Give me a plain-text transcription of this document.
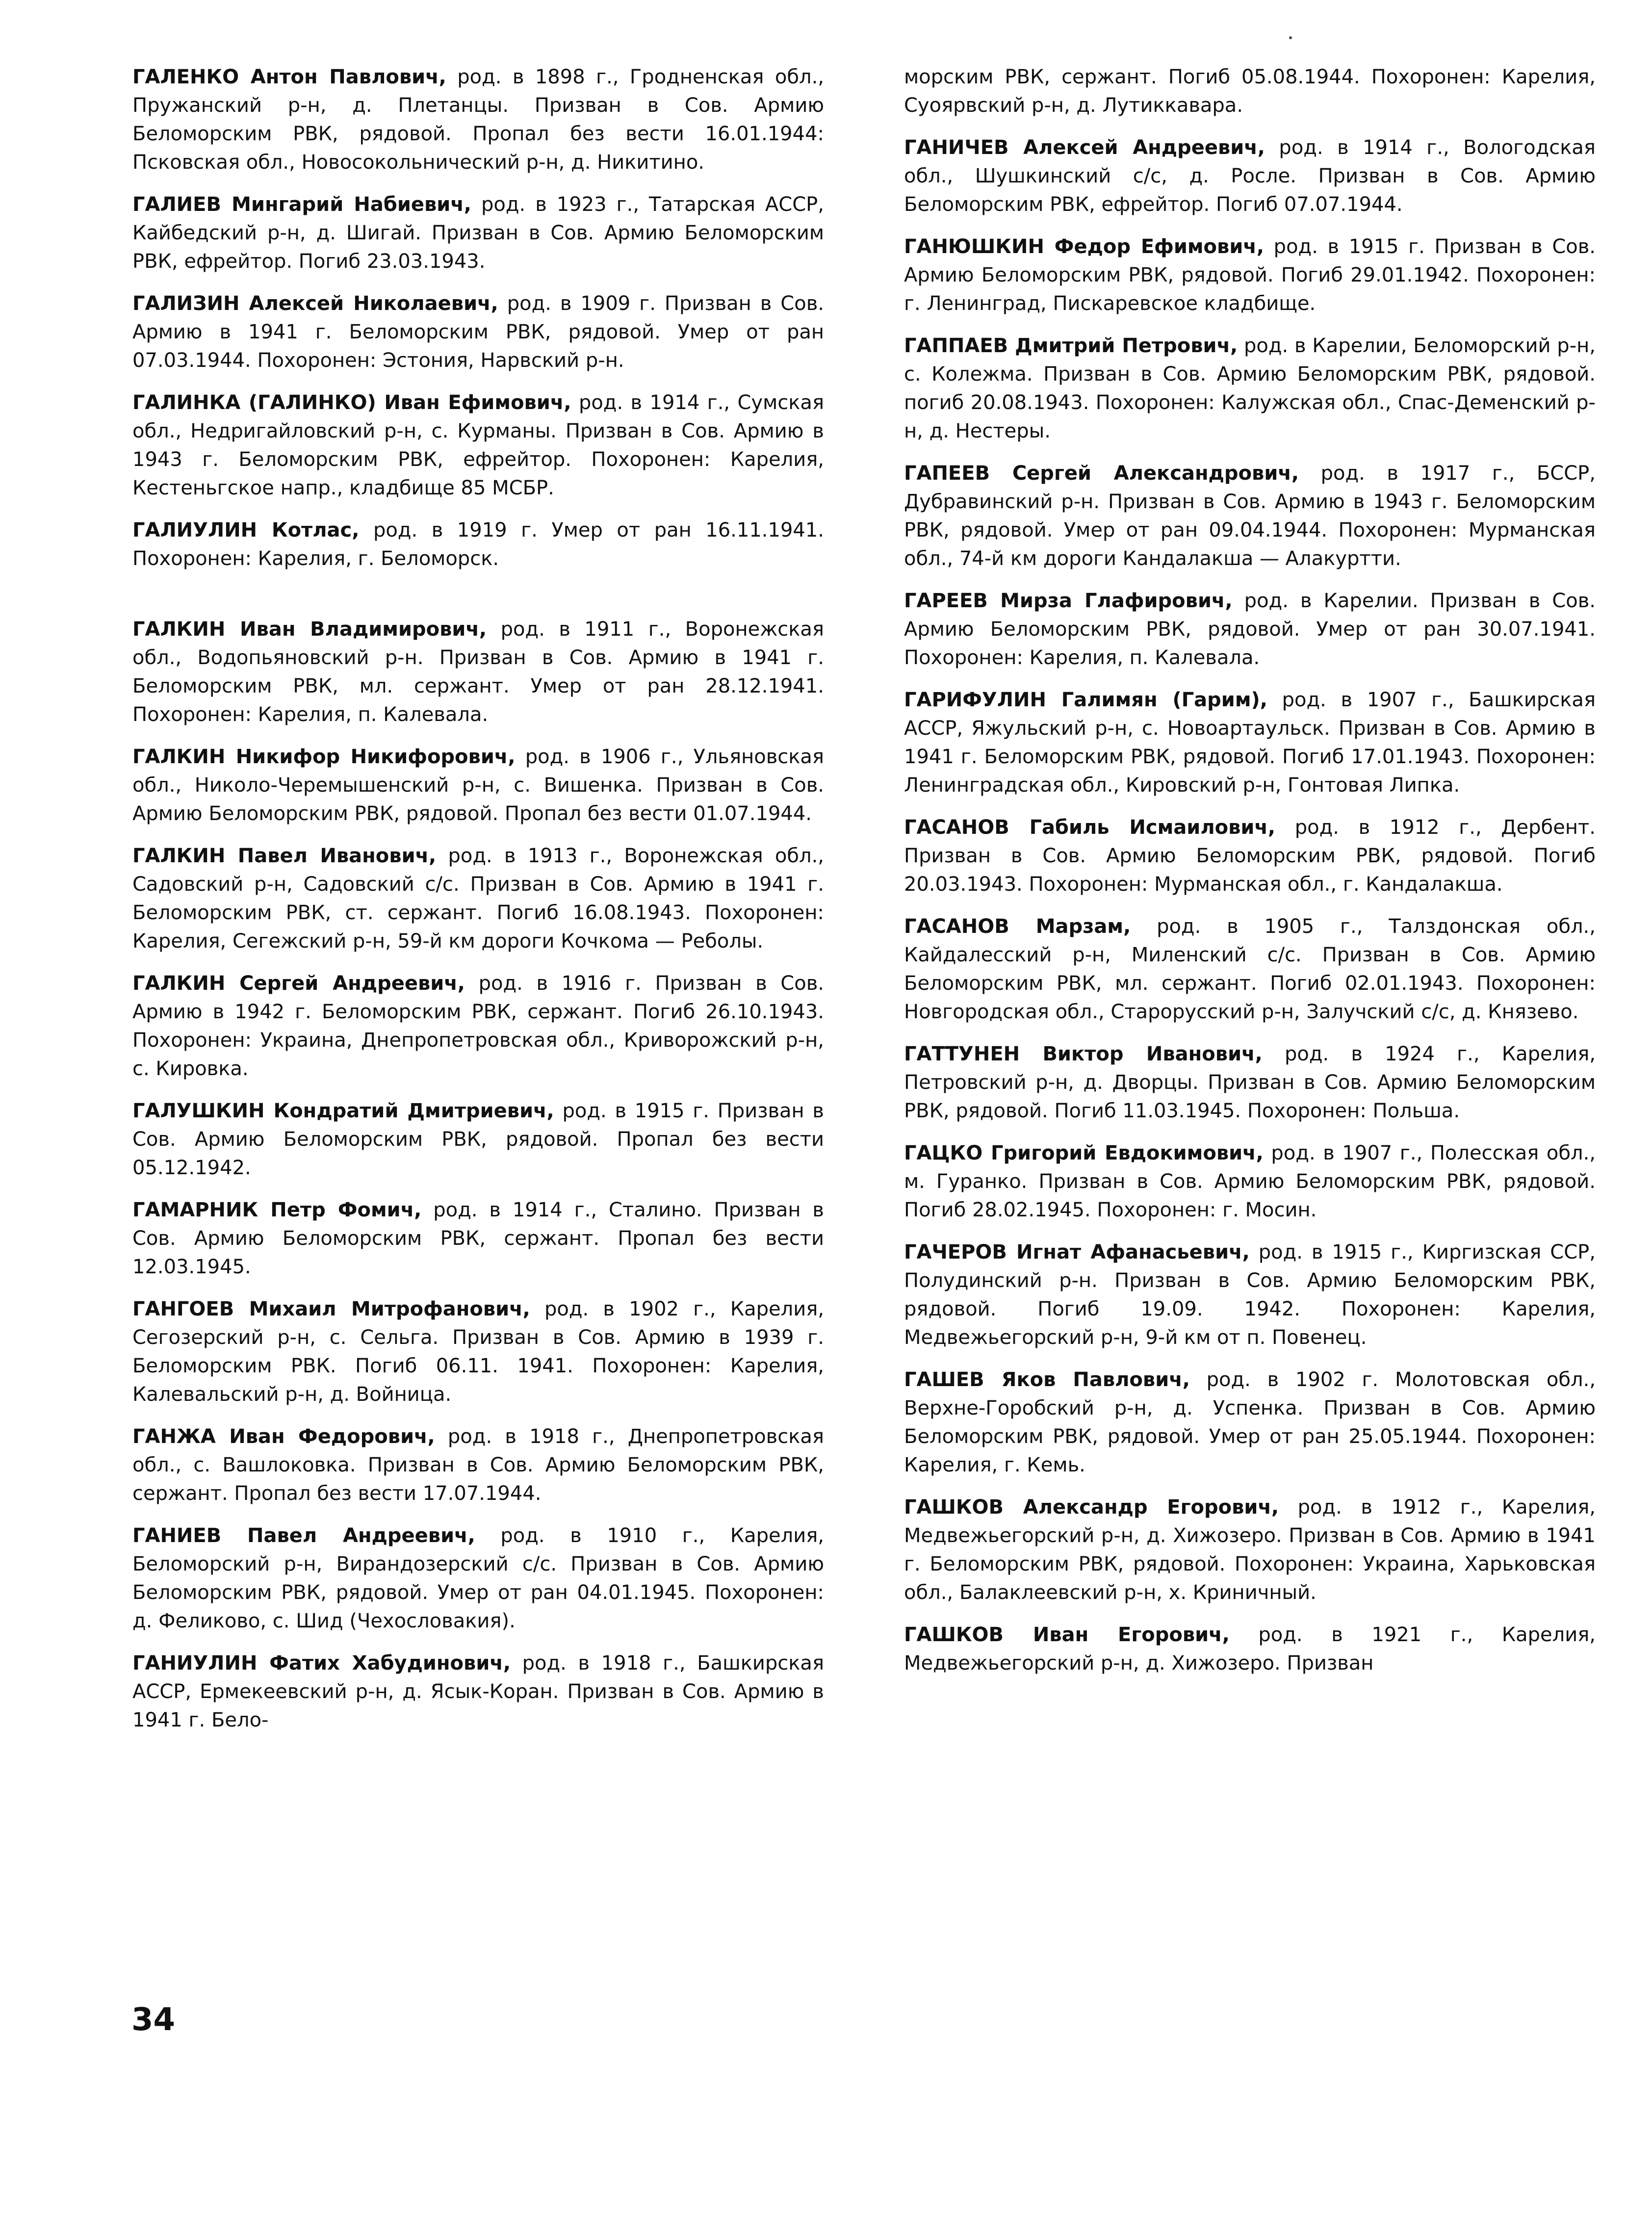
ГАЛЕНКО Антон Павлович, род. в 1898 г., Гродненская обл., Пружанский р-н, д. Плетанцы. Призван в Сов. Армию Беломорским РВК, рядовой. Пропал без вести 16.01.1944: Псковская обл., Новосокольнический р-н, д. Никитино.

ГАЛИЕВ Мингарий Набиевич, род. в 1923 г., Татарская АССР, Кайбедский р-н, д. Шигай. Призван в Сов. Армию Беломорским РВК, ефрейтор. Погиб 23.03.1943.

ГАЛИЗИН Алексей Николаевич, род. в 1909 г. Призван в Сов. Армию в 1941 г. Беломорским РВК, рядовой. Умер от ран 07.03.1944. Похоронен: Эстония, Нарвский р-н.

ГАЛИНКА (ГАЛИНКО) Иван Ефимович, род. в 1914 г., Сумская обл., Недригайловский р-н, с. Курманы. Призван в Сов. Армию в 1943 г. Беломорским РВК, ефрейтор. Похоронен: Карелия, Кестеньгское напр., кладбище 85 МСБР.

ГАЛИУЛИН Котлас, род. в 1919 г. Умер от ран 16.11.1941. Похоронен: Карелия, г. Беломорск.

ГАЛКИН Иван Владимирович, род. в 1911 г., Воронежская обл., Водопьяновский р-н. Призван в Сов. Армию в 1941 г. Беломорским РВК, мл. сержант. Умер от ран 28.12.1941. Похоронен: Карелия, п. Калевала.

ГАЛКИН Никифор Никифорович, род. в 1906 г., Ульяновская обл., Николо-Черемышенский р-н, с. Вишенка. Призван в Сов. Армию Беломорским РВК, рядовой. Пропал без вести 01.07.1944.

ГАЛКИН Павел Иванович, род. в 1913 г., Воронежская обл., Садовский р-н, Садовский с/с. Призван в Сов. Армию в 1941 г. Беломорским РВК, ст. сержант. Погиб 16.08.1943. Похоронен: Карелия, Сегежский р-н, 59-й км дороги Кочкома — Реболы.

ГАЛКИН Сергей Андреевич, род. в 1916 г. Призван в Сов. Армию в 1942 г. Беломорским РВК, сержант. Погиб 26.10.1943. Похоронен: Украина, Днепропетровская обл., Криворожский р-н, с. Кировка.

ГАЛУШКИН Кондратий Дмитриевич, род. в 1915 г. Призван в Сов. Армию Беломорским РВК, рядовой. Пропал без вести 05.12.1942.

ГАМАРНИК Петр Фомич, род. в 1914 г., Сталино. Призван в Сов. Армию Беломорским РВК, сержант. Пропал без вести 12.03.1945.

ГАНГОЕВ Михаил Митрофанович, род. в 1902 г., Карелия, Сегозерский р-н, с. Сельга. Призван в Сов. Армию в 1939 г. Беломорским РВК. Погиб 06.11. 1941. Похоронен: Карелия, Калевальский р-н, д. Войница.

ГАНЖА Иван Федорович, род. в 1918 г., Днепропетровская обл., с. Вашлоковка. Призван в Сов. Армию Беломорским РВК, сержант. Пропал без вести 17.07.1944.

ГАНИЕВ Павел Андреевич, род. в 1910 г., Карелия, Беломорский р-н, Вирандозерский с/с. Призван в Сов. Армию Беломорским РВК, рядовой. Умер от ран 04.01.1945. Похоронен: д. Феликово, с. Шид (Чехословакия).

ГАНИУЛИН Фатих Хабудинович, род. в 1918 г., Башкирская АССР, Ермекеевский р-н, д. Ясык-Коран. Призван в Сов. Армию в 1941 г. Бело-

морским РВК, сержант. Погиб 05.08.1944. Похоронен: Карелия, Суоярвский р-н, д. Лутиккавара.

ГАНИЧЕВ Алексей Андреевич, род. в 1914 г., Вологодская обл., Шушкинский с/с, д. Росле. Призван в Сов. Армию Беломорским РВК, ефрейтор. Погиб 07.07.1944.

ГАНЮШКИН Федор Ефимович, род. в 1915 г. Призван в Сов. Армию Беломорским РВК, рядовой. Погиб 29.01.1942. Похоронен: г. Ленинград, Пискаревское кладбище.

ГАППАЕВ Дмитрий Петрович, род. в Карелии, Беломорский р-н, с. Колежма. Призван в Сов. Армию Беломорским РВК, рядовой. погиб 20.08.1943. Похоронен: Калужская обл., Спас-Деменский р-н, д. Нестеры.

ГАПЕЕВ Сергей Александрович, род. в 1917 г., БССР, Дубравинский р-н. Призван в Сов. Армию в 1943 г. Беломорским РВК, рядовой. Умер от ран 09.04.1944. Похоронен: Мурманская обл., 74-й км дороги Кандалакша — Алакуртти.

ГАРЕЕВ Мирза Глафирович, род. в Карелии. Призван в Сов. Армию Беломорским РВК, рядовой. Умер от ран 30.07.1941. Похоронен: Карелия, п. Калевала.

ГАРИФУЛИН Галимян (Гарим), род. в 1907 г., Башкирская АССР, Яжульский р-н, с. Новоартаульск. Призван в Сов. Армию в 1941 г. Беломорским РВК, рядовой. Погиб 17.01.1943. Похоронен: Ленинградская обл., Кировский р-н, Гонтовая Липка.

ГАСАНОВ Габиль Исмаилович, род. в 1912 г., Дербент. Призван в Сов. Армию Беломорским РВК, рядовой. Погиб 20.03.1943. Похоронен: Мурманская обл., г. Кандалакша.

ГАСАНОВ Марзам, род. в 1905 г., Талздонская обл., Кайдалесский р-н, Миленский с/с. Призван в Сов. Армию Беломорским РВК, мл. сержант. Погиб 02.01.1943. Похоронен: Новгородская обл., Старорусский р-н, Залучский с/с, д. Князево.

ГАТТУНЕН Виктор Иванович, род. в 1924 г., Карелия, Петровский р-н, д. Дворцы. Призван в Сов. Армию Беломорским РВК, рядовой. Погиб 11.03.1945. Похоронен: Польша.

ГАЦКО Григорий Евдокимович, род. в 1907 г., Полесская обл., м. Гуранко. Призван в Сов. Армию Беломорским РВК, рядовой. Погиб 28.02.1945. Похоронен: г. Мосин.

ГАЧЕРОВ Игнат Афанасьевич, род. в 1915 г., Киргизская ССР, Полудинский р-н. Призван в Сов. Армию Беломорским РВК, рядовой. Погиб 19.09. 1942. Похоронен: Карелия, Медвежьегорский р-н, 9-й км от п. Повенец.

ГАШЕВ Яков Павлович, род. в 1902 г. Молотовская обл., Верхне-Горобский р-н, д. Успенка. Призван в Сов. Армию Беломорским РВК, рядовой. Умер от ран 25.05.1944. Похоронен: Карелия, г. Кемь.

ГАШКОВ Александр Егорович, род. в 1912 г., Карелия, Медвежьегорский р-н, д. Хижозеро. Призван в Сов. Армию в 1941 г. Беломорским РВК, рядовой. Похоронен: Украина, Харьковская обл., Балаклеевский р-н, х. Криничный.

ГАШКОВ Иван Егорович, род. в 1921 г., Карелия, Медвежьегорский р-н, д. Хижозеро. Призван

34
